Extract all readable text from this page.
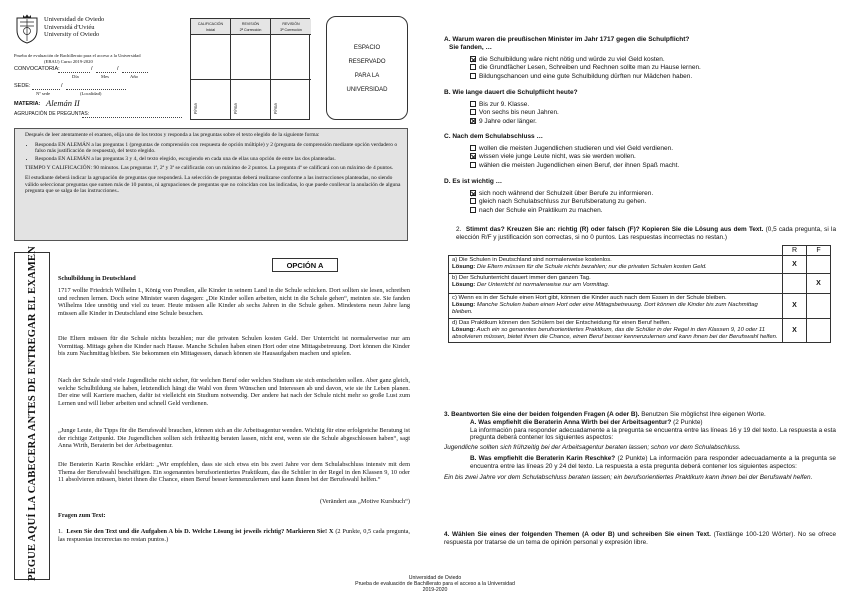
Universidad de Oviedo
Universidá d'Uviéu
University of Oviedo
Prueba de evaluación de Bachillerato para el acceso a la Universidad
(EBAU) Curso 2019-2020
CONVOCATORIA:	/	/
Día	Mes	Año
SEDE:	/
Nº sede	(Localidad)
MATERIA: Alemán II
AGRUPACIÓN DE PREGUNTAS:
CALIFICACIÓN
Inicial
REVISIÓN
2ª Corrección
REVISIÓN
3ª Corrección
Firma	Firma	Firma
ESPACIO
RESERVADO
PARA LA
UNIVERSIDAD

Después de leer atentamente el examen, elija uno de los textos y responda a las preguntas sobre el texto elegido de la siguiente forma:

• Responda EN ALEMÁN a las preguntas 1 (preguntas de comprensión con respuesta de opción múltiple) y 2 (pregunta de comprensión mediante opción verdadero o falso más justificación de respuesta), del texto elegido.
• Responda EN ALEMÁN a las preguntas 3 y 4, del texto elegido, escogiendo en cada una de ellas una opción de entre las dos planteadas.

TIEMPO Y CALIFICACIÓN: 90 minutos. Las preguntas 1ª, 2ª y 3ª se calificarán con un máximo de 2 puntos. La pregunta 4ª se calificará con un máximo de 4 puntos.

El estudiante deberá indicar la agrupación de preguntas que responderá. La selección de preguntas deberá realizarse conforme a las instrucciones planteadas, no siendo válido seleccionar preguntas que sumen más de 10 puntos, ni agrupaciones de preguntas que no coincidan con las indicadas, lo que puede conllevar la anulación de alguna pregunta que se salga de las instrucciones..

PEGUE AQUÍ LA CABECERA ANTES DE ENTREGAR EL EXAMEN	OPCIÓN A
Schulbildung in Deutschland
1717 wollte Friedrich Wilhelm I., König von Preußen, alle Kinder in seinem Land in die Schule schicken. Dort sollten sie lesen, schreiben und rechnen lernen. Doch seine Minister waren dagegen: „Die Kinder sollen arbeiten, nicht in die Schule gehen“, meinten sie. Sie fanden Wilhelms Idee unnötig und viel zu teuer. Heute müssen alle Kinder ab sechs Jahren in die Schule gehen. Mindestens neun Jahre lang müssen alle Kinder in Deutschland eine Schule besuchen.
Die Eltern müssen für die Schule nichts bezahlen; nur die privaten Schulen kosten Geld. Der Unterricht ist normalerweise nur am Vormittag. Mittags gehen die Kinder nach Hause. Manche Schulen haben einen Hort oder eine Mittagsbetreuung. Dort können die Kinder bis zum Nachmittag bleiben. Sie bekommen ein Mittagessen, danach können sie Hausaufgaben machen und spielen.
Nach der Schule sind viele Jugendliche nicht sicher, für welchen Beruf oder welches Studium sie sich entscheiden sollen. Aber ganz gleich, welche Schulbildung sie haben, letztendlich hängt die Wahl von ihren Wünschen und Interessen ab und davon, wie sie ihr Leben planen. Der eine will Karriere machen, dafür ist vielleicht ein Studium notwendig. Der andere hat nach der Schule nicht mehr so große Lust zum Lernen und will lieber arbeiten und schnell Geld verdienen.
„Junge Leute, die Tipps für die Berufswahl brauchen, können sich an die Arbeitsagentur wenden. Wichtig für eine erfolgreiche Beratung ist der richtige Zeitpunkt. Die Jugendlichen sollten sich frühzeitig beraten lassen, nicht erst, wenn sie die Schule abgeschlossen haben“, sagt Anna Wirth, Beraterin bei der Arbeitsagentur.
Die Beraterin Karin Reschke erklärt: „Wir empfehlen, dass sie sich etwa ein bis zwei Jahre vor dem Schulabschluss intensiv mit dem Thema der Berufswahl beschäftigen. Ein sogenanntes berufsorientiertes Praktikum, das die Schüler in der Regel in den Klassen 9, 10 oder 11 absolvieren müssen, bietet ihnen die Chance, einen Beruf besser kennenzulernen und kann ihnen bei der Berufswahl helfen.“
(Verändert aus „Motive Kursbuch“)
Fragen zum Text:
1. Lesen Sie den Text und die Aufgaben A bis D. Welche Lösung ist jeweils richtig? Markieren Sie! X (2 Punkte, 0,5 cada pregunta, las respuestas incorrectas no restan puntos.)
Universidad de Oviedo
Prueba de evaluación de Bachillerato para el acceso a la Universidad
2019-2020
A. Warum waren die preußischen Minister im Jahr 1717 gegen die Schulpflicht?
Sie fanden, …
die Schulbildung wäre nicht nötig und würde zu viel Geld kosten.
die Grundfächer Lesen, Schreiben und Rechnen sollte man zu Hause lernen.
Bildungschancen und eine gute Schulbildung dürften nur Mädchen haben.
B. Wie lange dauert die Schulpflicht heute?
Bis zur 9. Klasse.
Von sechs bis neun Jahren.
9 Jahre oder länger.
C. Nach dem Schulabschluss …
wollen die meisten Jugendlichen studieren und viel Geld verdienen.
wissen viele junge Leute nicht, was sie werden wollen.
wählen die meisten Jugendlichen einen Beruf, der ihnen Spaß macht.
D. Es ist wichtig …
sich noch während der Schulzeit über Berufe zu informieren.
gleich nach Schulabschluss zur Berufsberatung zu gehen.
nach der Schule ein Praktikum zu machen.
2. Stimmt das? Kreuzen Sie an: richtig (R) oder falsch (F)? Kopieren Sie die Lösung aus dem Text. (0,5 cada pregunta, si la elección R/F y justificación son correctas, si no 0 puntos. Las respuestas incorrectas no restan.)
	R	F

a) Die Schulen in Deutschland sind normalerweise kostenlos.
Lösung: Die Eltern müssen für die Schule nichts bezahlen; nur die privaten Schulen kosten Geld.	X	

b) Der Schulunterricht dauert immer den ganzen Tag.
Lösung: Der Unterricht ist normalerweise nur am Vormittag.		X

c) Wenn es in der Schule einen Hort gibt, können die Kinder auch nach dem Essen in der Schule bleiben.
Lösung: Manche Schulen haben einen Hort oder eine Mittagsbetreuung. Dort können die Kinder bis zum Nachmittag bleiben.	X	

d) Das Praktikum können den Schülern bei der Entscheidung für einen Beruf helfen.
Lösung: Auch ein so genanntes berufsorientiertes Praktikum, das die Schüler in der Regel in den Klassen 9, 10 oder 11 absolvieren müssen, bietet ihnen die Chance, einen Beruf besser kennenzulernen und kann ihnen bei der Berufswahl helfen.	X	
3. Beantworten Sie eine der beiden folgenden Fragen (A oder B). Benutzen Sie möglichst Ihre eigenen Worte.
A. Was empfiehlt die Beraterin Anna Wirth bei der Arbeitsagentur? (2 Punkte)
La información para responder adecuadamente a la pregunta se encuentra entre las líneas 16 y 19 del texto. La respuesta a esta pregunta deberá contener los siguientes aspectos:
Jugendliche sollten sich frühzeitig bei der Arbeitsagentur beraten lassen; schon vor dem Schulabschluss.
B. Was empfiehlt die Beraterin Karin Reschke? (2 Punkte) La información para responder adecuadamente a la pregunta se encuentra entre las líneas 20 y 24 del texto. La respuesta a esta pregunta deberá contener los siguientes aspectos:
Ein bis zwei Jahre vor dem Schulabschluss beraten lassen; ein berufsorientiertes Praktikum kann ihnen bei der Berufswahl helfen.
4. Wählen Sie eines der folgenden Themen (A oder B) und schreiben Sie einen Text. (Textlänge 100-120 Wörter). No se ofrece respuesta por tratarse de un tema de opinión personal y expresión libre.
